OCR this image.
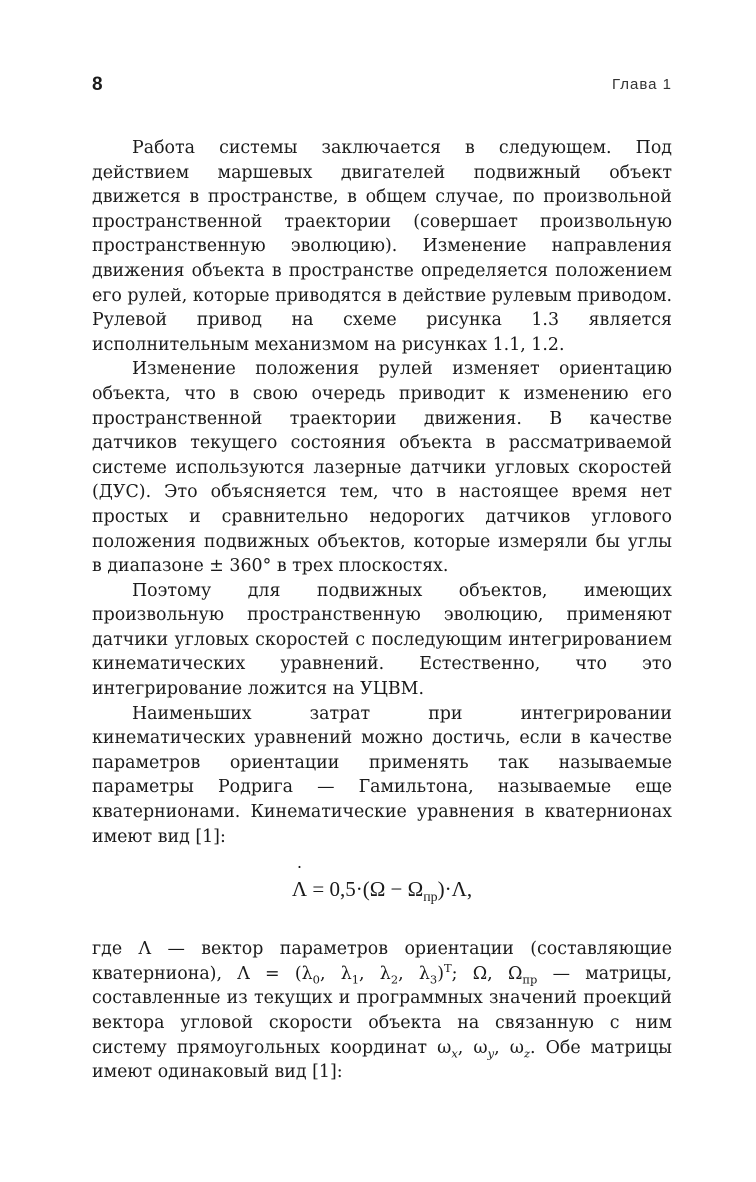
8	Глава 1

Работа системы заключается в следующем. Под действием маршевых двигателей подвижный объект движется в пространстве, в общем случае, по произвольной пространственной траектории (совершает произвольную пространственную эволюцию). Изменение направления движения объекта в пространстве определяется положением его рулей, которые приводятся в действие рулевым приводом. Рулевой привод на схеме рисунка 1.3 является исполнительным механизмом на рисунках 1.1, 1.2.

Изменение положения рулей изменяет ориентацию объекта, что в свою очередь приводит к изменению его пространственной траектории движения. В качестве датчиков текущего состояния объекта в рассматриваемой системе используются лазерные датчики угловых скоростей (ДУС). Это объясняется тем, что в настоящее время нет простых и сравнительно недорогих датчиков углового положения подвижных объектов, которые измеряли бы углы в диапазоне ± 360° в трех плоскостях.

Поэтому для подвижных объектов, имеющих произвольную пространственную эволюцию, применяют датчики угловых скоростей с последующим интегрированием кинематических уравнений. Естественно, что это интегрирование ложится на УЦВМ.

Наименьших затрат при интегрировании кинематических уравнений можно достичь, если в качестве параметров ориентации применять так называемые параметры Родрига — Гамильтона, называемые еще кватернионами. Кинематические уравнения в кватернионах имеют вид [1]:

˙ $\Lambda = 0,5\cdot(\Omega - \Omega_{пр})\cdot\Lambda$,

где Λ — вектор параметров ориентации (составляющие кватерниона), $\Lambda = (\lambda_0$, $\lambda_1$, $\lambda_2$, $\lambda_3)^Т$; Ω, $\Omega_{пр}$ — матрицы, составленные из текущих и программных значений проекций вектора угловой скорости объекта на связанную с ним систему прямоугольных координат $\omega_x$, $\omega_y$, $\omega_z$. Обе матрицы имеют одинаковый вид [1]:
